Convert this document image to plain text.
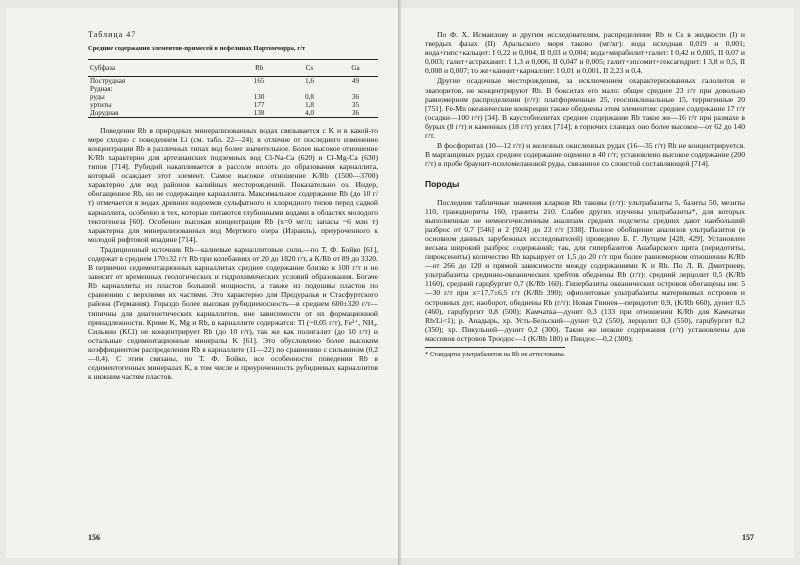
Таблица 47
Средние содержания элементов-примесей в нефелинах Партомчорра, г/т
Субфаза	Rb	Cs	Ga
Поструднaя	165	1,6	49
Рудная:			
руды	130	0,8	36
уртиты	177	1,8	35
Дорудная	138	4,0	36

Поведение Rb в природных минерализованных водах связывается с K и в какой-то мере сходно с поведением Li (см. табл. 22—24); в отличие от последнего изменение концентрации Rb в различных типах вод более значительное. Более высокое отношение K/Rb характерно для артезианских подземных вод Cl-Na-Ca (620) и Cl-Mg-Ca (630) типов [714]. Рубидий накапливается в рассоле вплоть до образования карналлита, который осаждает этот элемент. Самое высокое отношение K/Rb (1500—3700) характерно для вод районов калийных месторождений. Показательно оз. Индер, обогащенное Rb, но не содержащее карналлита. Максимальное содержание Rb (до 10 г/т) отмечается в водах древних водоемов сульфатного и хлоридного типов перед садкой карналлита, особенно в тех, которые питаются глубинными водами в областях молодого тектогенеза [60]. Особенно высокая концентрация Rb (x=0 мг/л; запасы ~6 млн т) характерна для минерализованных вод Мертвого озера (Израиль), приуроченного к молодой рифтовой впадине [714].

Традиционный источник Rb—калиевые карналлитовые соли,—по Т. Ф. Бойко [61], содержат в среднем 170±32 г/т Rb при колебаниях от 20 до 1820 г/т, а K/Rb от 89 до 3320. В первично седиментационных карналлитах среднее содержание близко к 100 г/т и не зависит от временных геологических и гидрохимических условий образования. Богаче Rb карналлиты из пластов большой мощности, а также из подошвы пластов по сравнению с верхними их частями. Это характерно для Предуралья и Стасфуртского района (Германия). Гораздо более высокая рубидиеносность—в среднем 600±320 г/т—типичны для диагенетических карналлитов, вне зависимости от их формационной принадлежности. Кроме K, Mg и Rb, в карналлите содержатся: Tl (~0,05 г/т), Fe²⁺, NH₄. Сильвин (KCl) не концентрирует Rb (до 10 г/т), так же как полигалит (до 10 г/т) и остальные седиментационные минералы K [61]. Это обусловлено более высоким коэффициентом распределения Rb в карналлите (11—22) по сравнению с сильвином (0,2—0,4). С этим связаны, по Т. Ф. Бойко, все особенности поведения Rb в седиментогенных минералах K, в том числе и приуроченность рубидиевых карналлитов к нижним частям пластов.

156

По Ф. Х. Исмаилову и другим исследователям, распределение Rb и Cs в жидкости (I) и твердых фазах (II) Аральского моря таково (мг/кг): вода исходная 0,019 и 0,001; вода+гипс+кальцит: I 0,22 и 0,004, II 0,03 и 0,004; вода+мирабилит+галит: I 0,42 и 0,005, II 0,07 и 0,003; галит+астраханит: I 1,3 и 0,006, II 0,047 и 0,005; галит+эпсомит+гексагидрит: I 3,8 и 0,5, II 0,008 и 0,007; то же+каинит+карналлит: I 0,01 и 0,001, II 2,23 и 0,4.

Другие осадочные месторождения, за исключением охарактеризованных галолитов и эвапоритов, не концентрируют Rb. В бокситах его мало: общее среднее 23 г/т при довольно равномерном распределении (г/т): платформенные 25, геосинклинальные 15, терригенные 20 [751]. Fe-Mn океанические конкреции также обеднены этим элементом: среднее содержание 17 г/т (осадки—100 г/т) [34]. В каустобиолитах среднее содержание Rb такое же—16 г/т при размахе в бурых (8 г/т) и каменных (18 г/т) углях [714]; в горючих сланцах оно более высокое—от 62 до 140 г/т.

В фосфоритах (10—12 г/т) и железных окисленных рудах (16—35 г/т) Rb не концентрируется. В марганцевых рудах среднее содержание оценено в 40 г/т; установлено высокое содержание (200 г/т) в пробе браунит-псиломелановой руды, связанное со слоистой составляющей [714].

Породы

Последние табличные значения кларков Rb таковы (г/т): ультрабазиты 5, базиты 50, мезиты 110, гранодиориты 160, граниты 210. Слабее других изучены ультрабазиты*, для которых выполненные не немногочисленным анализам средних подсчеты средних дают наибольший разброс от 0,7 [546] и 2 [924] до 23 г/т [338]. Полное обобщение анализов ультрабазитов (в основном данных зарубежных исследователей) проведено Б. Г. Лутцем [428, 429]. Установлен весьма широкий разброс содержаний; так, для гипербазитов Анабарского щита (перидотиты, пироксениты) количество Rb варьирует от 1,5 до 20 г/т при более равномерном отношении K/Rb—от 266 до 120 и прямой зависимости между содержаниями K и Rb. По Л. В. Дмитриеву, ультрабазиты срединно-океанических хребтов обеднены Rb (г/т): средний лерцолит 0,5 (K/Rb 1160), средний гарцбургит 0,7 (K/Rb 160). Гипербазиты океанических островов обогащены им: 5—30 г/т при x=17,7±6,5 г/т (K/Rb 390); офиолитовые ультрабазиты материковых островов и островных дуг, наоборот, обеднены Rb (г/т): Новая Гвинея—перидотит 0,9, (K/Rb 660), дунит 0,5 (460), гарцбургит 0,8 (500); Камчатка—дунит 0,3 (133 при отношении K/Rb для Камчатки Rb/Li<1); р. Анадырь, хр. Усть-Бельский—дунит 0,2 (550), лерцолит 0,3 (550), гарцбургит 0,2 (350); хр. Пикульней—дунит 0,2 (300). Такие же низкие содержания (г/т) установлены для массивов островов Троодос—1 (K/Rb 180) и Пиндос—0,2 (300);

* Стандарты ультрабазитов на Rb не аттестованы.
157
